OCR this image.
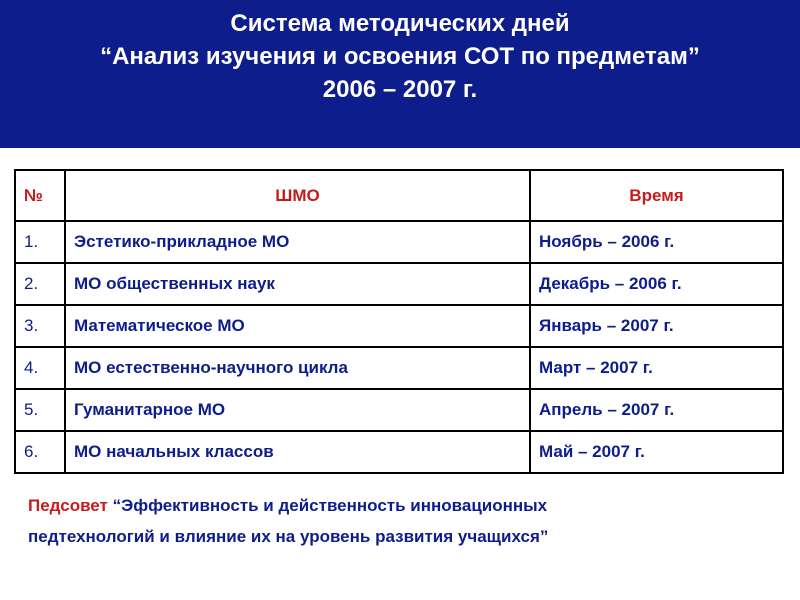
Система методических дней
“Анализ изучения и освоения СОТ по предметам”
2006 – 2007 г.
№	ШМО	Время
1.	Эстетико-прикладное МО	Ноябрь – 2006 г.
2.	МО общественных наук	Декабрь – 2006 г.
3.	Математическое МО	Январь – 2007 г.
4.	МО естественно-научного цикла	Март – 2007 г.
5.	Гуманитарное МО	Апрель – 2007 г.
6.	МО начальных классов	Май – 2007 г.
Педсовет “Эффективность и действенность инновационных
педтехнологий и влияние их на уровень развития учащихся”
